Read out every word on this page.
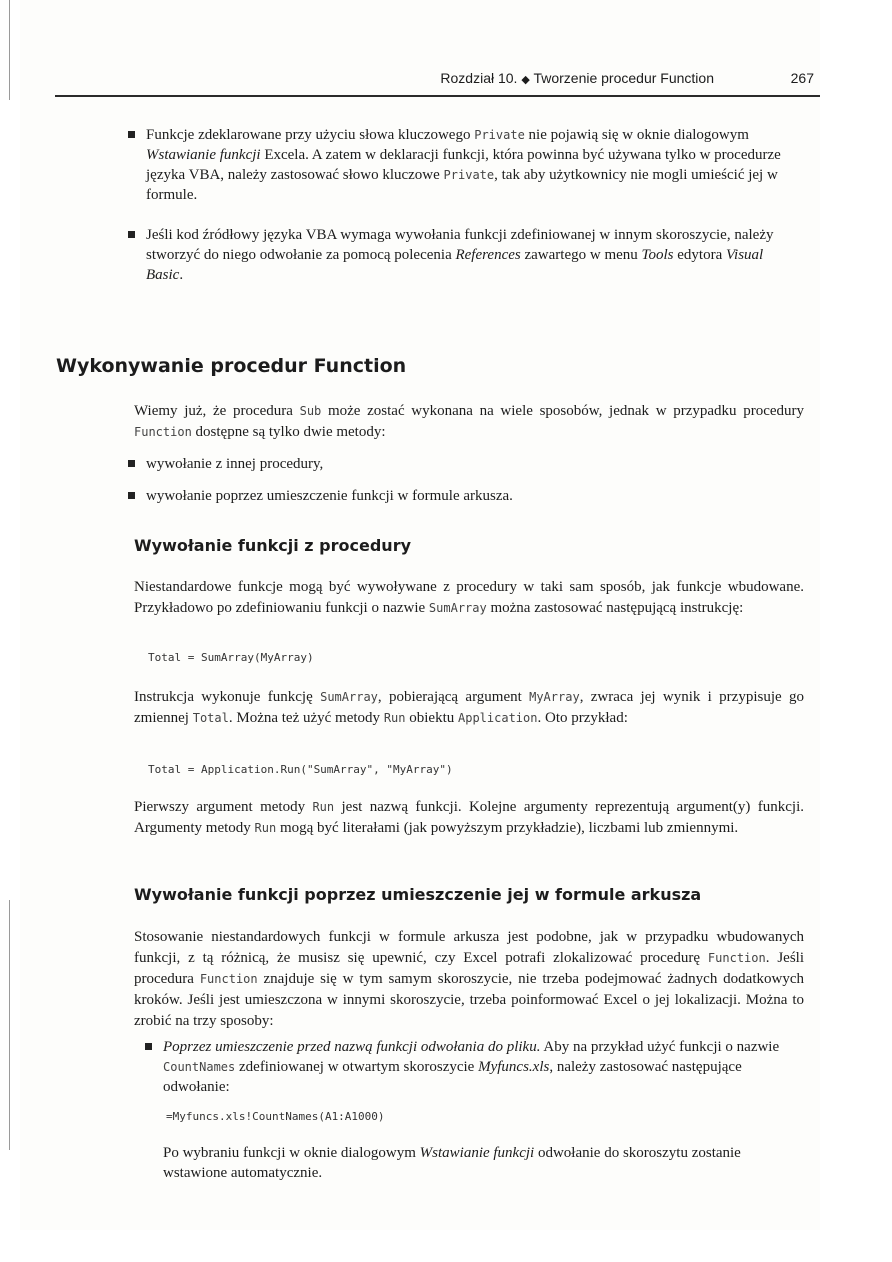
Rozdział 10. ◆ Tworzenie procedur Function	267
Funkcje zdeklarowane przy użyciu słowa kluczowego Private nie pojawią się w oknie dialogowym Wstawianie funkcji Excela. A zatem w deklaracji funkcji, która powinna być używana tylko w procedurze języka VBA, należy zastosować słowo kluczowe Private, tak aby użytkownicy nie mogli umieścić jej w formule.
Jeśli kod źródłowy języka VBA wymaga wywołania funkcji zdefiniowanej w innym skoroszycie, należy stworzyć do niego odwołanie za pomocą polecenia References zawartego w menu Tools edytora Visual Basic.
Wykonywanie procedur Function
Wiemy już, że procedura Sub może zostać wykonana na wiele sposobów, jednak w przypadku procedury Function dostępne są tylko dwie metody:
wywołanie z innej procedury,
wywołanie poprzez umieszczenie funkcji w formule arkusza.
Wywołanie funkcji z procedury
Niestandardowe funkcje mogą być wywoływane z procedury w taki sam sposób, jak funkcje wbudowane. Przykładowo po zdefiniowaniu funkcji o nazwie SumArray można zastosować następującą instrukcję:
Total = SumArray(MyArray)
Instrukcja wykonuje funkcję SumArray, pobierającą argument MyArray, zwraca jej wynik i przypisuje go zmiennej Total. Można też użyć metody Run obiektu Application. Oto przykład:
Total = Application.Run("SumArray", "MyArray")
Pierwszy argument metody Run jest nazwą funkcji. Kolejne argumenty reprezentują argument(y) funkcji. Argumenty metody Run mogą być literałami (jak powyższym przykładzie), liczbami lub zmiennymi.
Wywołanie funkcji poprzez umieszczenie jej w formule arkusza
Stosowanie niestandardowych funkcji w formule arkusza jest podobne, jak w przypadku wbudowanych funkcji, z tą różnicą, że musisz się upewnić, czy Excel potrafi zlokalizować procedurę Function. Jeśli procedura Function znajduje się w tym samym skoroszycie, nie trzeba podejmować żadnych dodatkowych kroków. Jeśli jest umieszczona w innymi skoroszycie, trzeba poinformować Excel o jej lokalizacji. Można to zrobić na trzy sposoby:
Poprzez umieszczenie przed nazwą funkcji odwołania do pliku. Aby na przykład użyć funkcji o nazwie CountNames zdefiniowanej w otwartym skoroszycie Myfuncs.xls, należy zastosować następujące odwołanie:
=Myfuncs.xls!CountNames(A1:A1000)
Po wybraniu funkcji w oknie dialogowym Wstawianie funkcji odwołanie do skoroszytu zostanie wstawione automatycznie.
